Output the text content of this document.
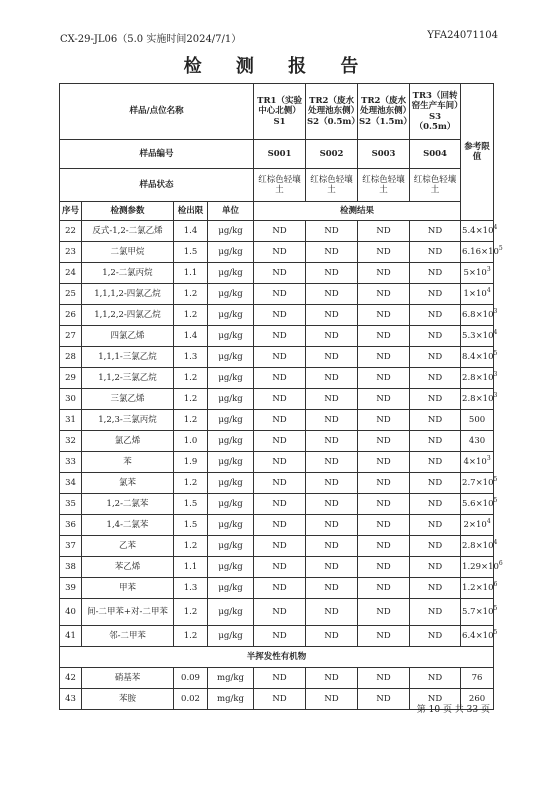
CX-29-JL06（5.0 实施时间2024/7/1）	YFA24071104
检 测 报 告
样品/点位名称				TR1（实验中心北侧）S1	TR2（废水处理池东侧）S2（0.5m）	TR2（废水处理池东侧）S2（1.5m）	TR3（回转窑生产车间）S3（0.5m）	参考限值
样品编号				S001	S002	S003	S004	
样品状态				红棕色轻壤土	红棕色轻壤土	红棕色轻壤土	红棕色轻壤土	
序号	检测参数	检出限	单位	检测结果				
22	反式-1,2-二氯乙烯	1.4	μg/kg	ND	ND	ND	ND	$5.4\times 10^4$
23	二氯甲烷	1.5	μg/kg	ND	ND	ND	ND	$6.16\times 10^5$
24	1,2-二氯丙烷	1.1	μg/kg	ND	ND	ND	ND	$5\times 10^3$
25	1,1,1,2-四氯乙烷	1.2	μg/kg	ND	ND	ND	ND	$1\times 10^4$
26	1,1,2,2-四氯乙烷	1.2	μg/kg	ND	ND	ND	ND	$6.8\times 10^3$
27	四氯乙烯	1.4	μg/kg	ND	ND	ND	ND	$5.3\times 10^4$
28	1,1,1-三氯乙烷	1.3	μg/kg	ND	ND	ND	ND	$8.4\times 10^5$
29	1,1,2-三氯乙烷	1.2	μg/kg	ND	ND	ND	ND	$2.8\times 10^3$
30	三氯乙烯	1.2	μg/kg	ND	ND	ND	ND	$2.8\times 10^3$
31	1,2,3-三氯丙烷	1.2	μg/kg	ND	ND	ND	ND	500
32	氯乙烯	1.0	μg/kg	ND	ND	ND	ND	430
33	苯	1.9	μg/kg	ND	ND	ND	ND	$4\times 10^3$
34	氯苯	1.2	μg/kg	ND	ND	ND	ND	$2.7\times 10^5$
35	1,2-二氯苯	1.5	μg/kg	ND	ND	ND	ND	$5.6\times 10^5$
36	1,4-二氯苯	1.5	μg/kg	ND	ND	ND	ND	$2\times 10^4$
37	乙苯	1.2	μg/kg	ND	ND	ND	ND	$2.8\times 10^4$
38	苯乙烯	1.1	μg/kg	ND	ND	ND	ND	$1.29\times 10^6$
39	甲苯	1.3	μg/kg	ND	ND	ND	ND	$1.2\times 10^6$
40	间-二甲苯+对-二甲苯	1.2	μg/kg	ND	ND	ND	ND	$5.7\times 10^5$
41	邻-二甲苯	1.2	μg/kg	ND	ND	ND	ND	$6.4\times 10^5$
半挥发性有机物								
42	硝基苯	0.09	mg/kg	ND	ND	ND	ND	76
43	苯胺	0.02	mg/kg	ND	ND	ND	ND	260
第 10 页 共 33 页
